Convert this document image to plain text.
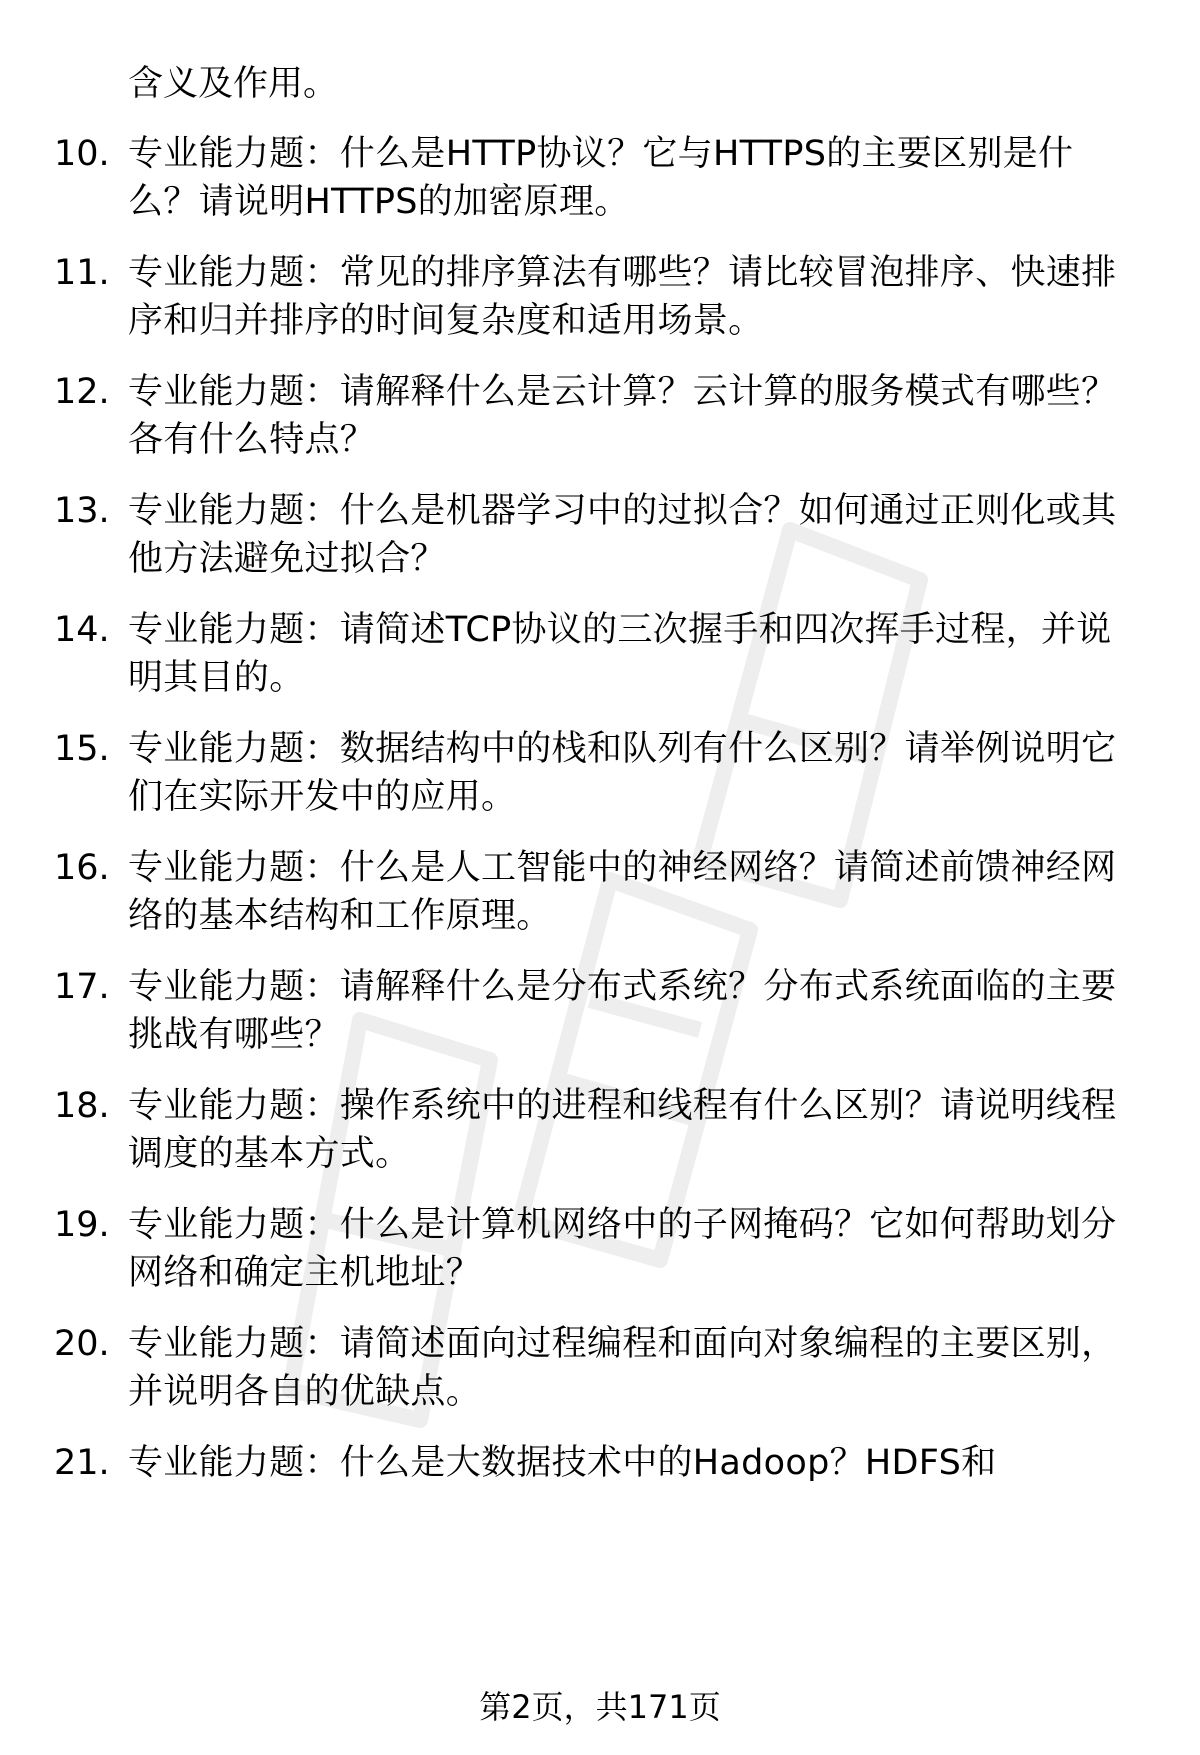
含义及作用。

10. 专业能力题：什么是HTTP协议？它与HTTPS的主要区别是什么？请说明HTTPS的加密原理。
11. 专业能力题：常见的排序算法有哪些？请比较冒泡排序、快速排序和归并排序的时间复杂度和适用场景。
12. 专业能力题：请解释什么是云计算？云计算的服务模式有哪些？各有什么特点？
13. 专业能力题：什么是机器学习中的过拟合？如何通过正则化或其他方法避免过拟合？
14. 专业能力题：请简述TCP协议的三次握手和四次挥手过程，并说明其目的。
15. 专业能力题：数据结构中的栈和队列有什么区别？请举例说明它们在实际开发中的应用。
16. 专业能力题：什么是人工智能中的神经网络？请简述前馈神经网络的基本结构和工作原理。
17. 专业能力题：请解释什么是分布式系统？分布式系统面临的主要挑战有哪些？
18. 专业能力题：操作系统中的进程和线程有什么区别？请说明线程调度的基本方式。
19. 专业能力题：什么是计算机网络中的子网掩码？它如何帮助划分网络和确定主机地址？
20. 专业能力题：请简述面向过程编程和面向对象编程的主要区别，并说明各自的优缺点。
21. 专业能力题：什么是大数据技术中的Hadoop？HDFS和
第2页，共171页
